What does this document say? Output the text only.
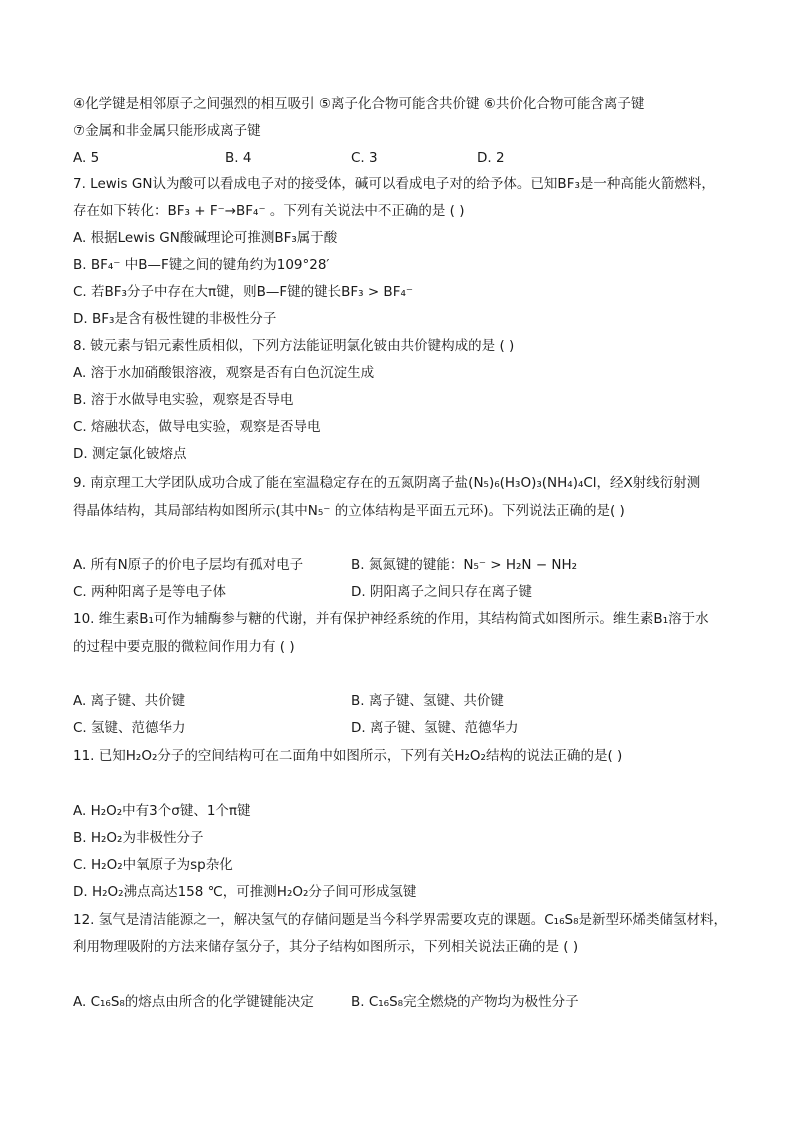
④化学键是相邻原子之间强烈的相互吸引 ⑤离子化合物可能含共价键 ⑥共价化合物可能含离子键
⑦金属和非金属只能形成离子键
A. 5	B. 4	C. 3	D. 2
7. Lewis GN认为酸可以看成电子对的接受体，碱可以看成电子对的给予体。已知BF₃是一种高能火箭燃料，
存在如下转化：BF₃ + F⁻→BF₄⁻ 。下列有关说法中不正确的是 ( )
A. 根据Lewis GN酸碱理论可推测BF₃属于酸
B. BF₄⁻ 中B—F键之间的键角约为109°28′
C. 若BF₃分子中存在大π键，则B—F键的键长BF₃ > BF₄⁻
D. BF₃是含有极性键的非极性分子
8. 铍元素与铝元素性质相似，下列方法能证明氯化铍由共价键构成的是 ( )
A. 溶于水加硝酸银溶液，观察是否有白色沉淀生成
B. 溶于水做导电实验，观察是否导电
C. 熔融状态，做导电实验，观察是否导电
D. 测定氯化铍熔点
9. 南京理工大学团队成功合成了能在室温稳定存在的五氮阴离子盐(N₅)₆(H₃O)₃(NH₄)₄Cl，经X射线衍射测
得晶体结构，其局部结构如图所示(其中N₅⁻ 的立体结构是平面五元环)。下列说法正确的是( )
A. 所有N原子的价电子层均有孤对电子	B. 氮氮键的键能：N₅⁻ > H₂N − NH₂
C. 两种阳离子是等电子体	D. 阴阳离子之间只存在离子键
10. 维生素B₁可作为辅酶参与糖的代谢，并有保护神经系统的作用，其结构简式如图所示。维生素B₁溶于水
的过程中要克服的微粒间作用力有 ( )
A. 离子键、共价键	B. 离子键、氢键、共价键
C. 氢键、范德华力	D. 离子键、氢键、范德华力
11. 已知H₂O₂分子的空间结构可在二面角中如图所示，下列有关H₂O₂结构的说法正确的是( )
A. H₂O₂中有3个σ键、1个π键
B. H₂O₂为非极性分子
C. H₂O₂中氧原子为sp杂化
D. H₂O₂沸点高达158 ℃，可推测H₂O₂分子间可形成氢键
12. 氢气是清洁能源之一，解决氢气的存储问题是当今科学界需要攻克的课题。C₁₆S₈是新型环烯类储氢材料，
利用物理吸附的方法来储存氢分子，其分子结构如图所示，下列相关说法正确的是 ( )
A. C₁₆S₈的熔点由所含的化学键键能决定	B. C₁₆S₈完全燃烧的产物均为极性分子
